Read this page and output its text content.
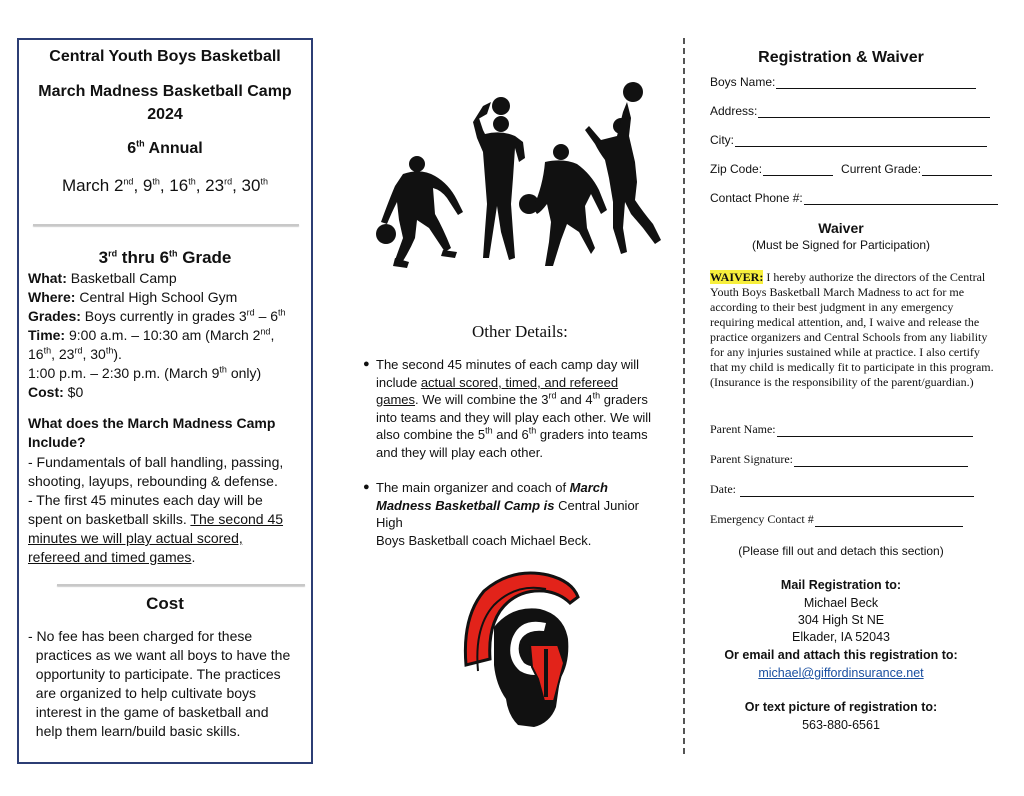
Central Youth Boys Basketball
March Madness Basketball Camp
2024
6th Annual
March 2nd, 9th, 16th, 23rd, 30th
3rd thru 6th Grade
What: Basketball Camp
Where: Central High School Gym
Grades: Boys currently in grades 3rd – 6th
Time: 9:00 a.m. – 10:30 am (March 2nd,
16th, 23rd, 30th).
1:00 p.m. – 2:30 p.m. (March 9th only)
Cost: $0
What does the March Madness Camp
Include?
- Fundamentals of ball handling, passing,
shooting, layups, rebounding & defense.
- The first 45 minutes each day will be
spent on basketball skills. The second 45
minutes we will play actual scored,
refereed and timed games.
Cost
- No fee has been charged for these
practices as we want all boys to have the
opportunity to participate. The practices
are organized to help cultivate boys
interest in the game of basketball and
help them learn/build basic skills.
Other Details:
● The second 45 minutes of each camp day will
include actual scored, timed, and refereed
games. We will combine the 3rd and 4th graders
into teams and they will play each other. We will
also combine the 5th and 6th graders into teams
and they will play each other.
● The main organizer and coach of March
Madness Basketball Camp is Central Junior High
Boys Basketball coach Michael Beck.
Registration & Waiver
Boys Name:
Address:
City:
Zip Code:	Current Grade:
Contact Phone #:
Waiver
(Must be Signed for Participation)
WAIVER: I hereby authorize the directors of the Central Youth Boys Basketball March Madness to act for me according to their best judgment in any emergency requiring medical attention, and, I waive and release the practice organizers and Central Schools from any liability for any injuries sustained while at practice. I also certify that my child is medically fit to participate in this program. (Insurance is the responsibility of the parent/guardian.)
Parent Name:
Parent Signature:
Date:
Emergency Contact #
(Please fill out and detach this section)
Mail Registration to:
Michael Beck
304 High St NE
Elkader, IA 52043
Or email and attach this registration to:
michael@giffordinsurance.net
Or text picture of registration to:
563-880-6561
